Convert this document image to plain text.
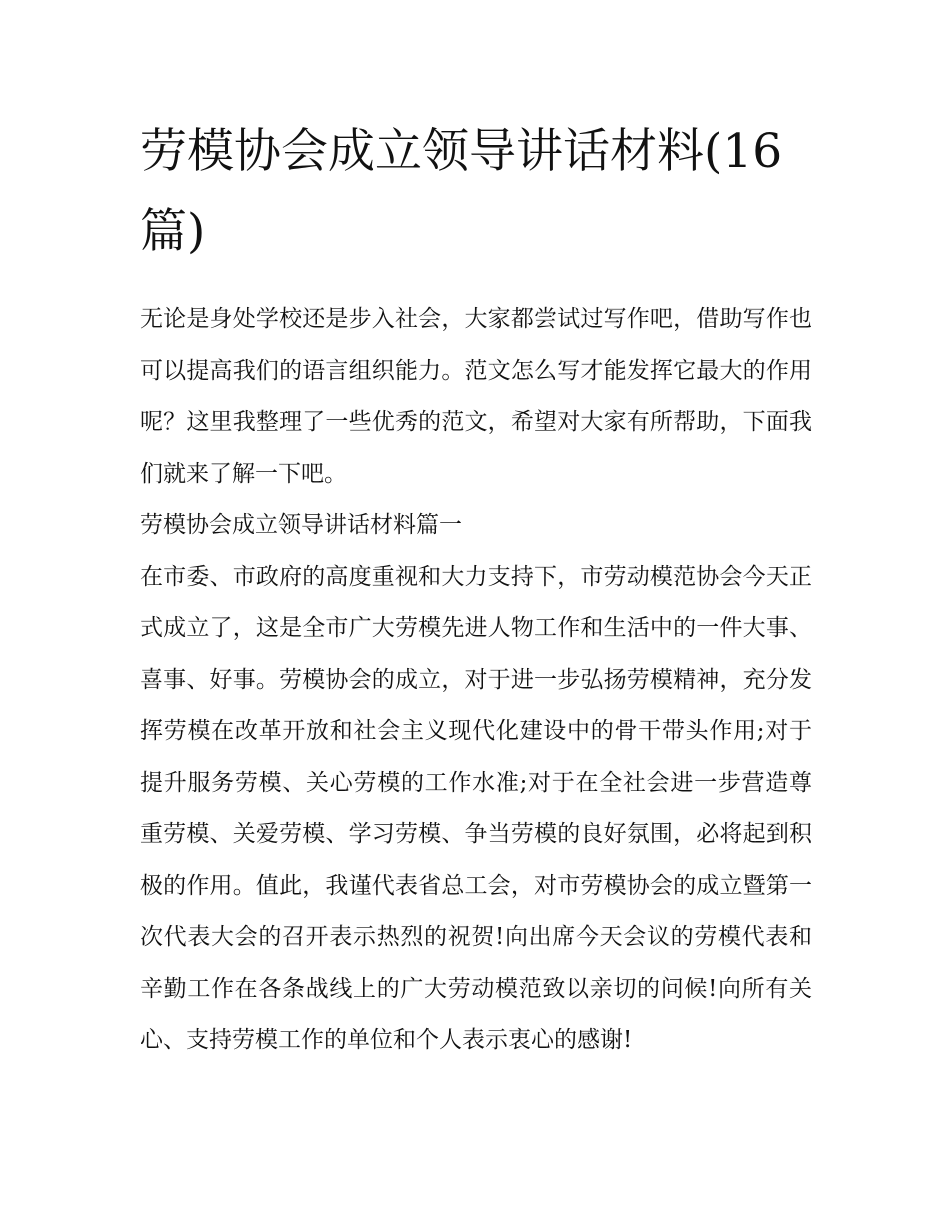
劳模协会成立领导讲话材料(16篇)

无论是身处学校还是步入社会，大家都尝试过写作吧，借助写作也可以提高我们的语言组织能力。范文怎么写才能发挥它最大的作用呢？这里我整理了一些优秀的范文，希望对大家有所帮助，下面我们就来了解一下吧。

劳模协会成立领导讲话材料篇一

在市委、市政府的高度重视和大力支持下，市劳动模范协会今天正式成立了，这是全市广大劳模先进人物工作和生活中的一件大事、喜事、好事。劳模协会的成立，对于进一步弘扬劳模精神，充分发挥劳模在改革开放和社会主义现代化建设中的骨干带头作用;对于提升服务劳模、关心劳模的工作水准;对于在全社会进一步营造尊重劳模、关爱劳模、学习劳模、争当劳模的良好氛围，必将起到积极的作用。值此，我谨代表省总工会，对市劳模协会的成立暨第一次代表大会的召开表示热烈的祝贺!向出席今天会议的劳模代表和辛勤工作在各条战线上的广大劳动模范致以亲切的问候!向所有关心、支持劳模工作的单位和个人表示衷心的感谢!
